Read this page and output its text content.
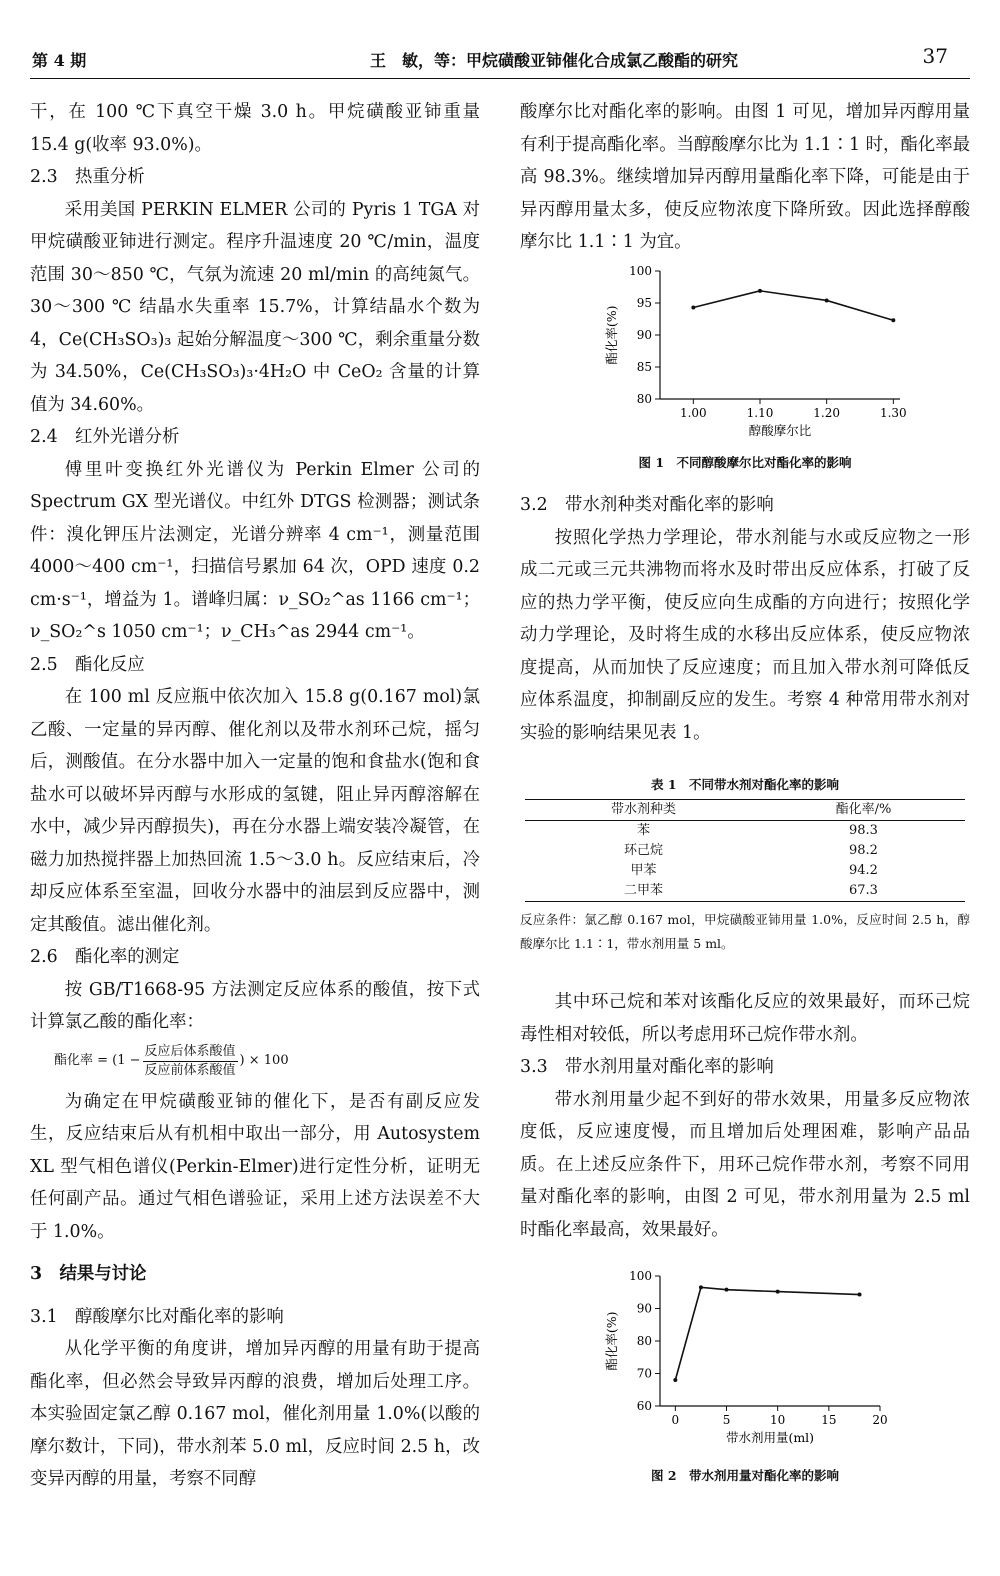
第 4 期	王　敏，等：甲烷磺酸亚铈催化合成氯乙酸酯的研究	37

干，在 100 ℃下真空干燥 3.0 h。甲烷磺酸亚铈重量 15.4 g(收率 93.0%)。

2.3　热重分析

采用美国 PERKIN ELMER 公司的 Pyris 1 TGA 对甲烷磺酸亚铈进行测定。程序升温速度 20 ℃/min，温度范围 30～850 ℃，气氛为流速 20 ml/min 的高纯氮气。30～300 ℃ 结晶水失重率 15.7%，计算结晶水个数为 4，Ce(CH₃SO₃)₃ 起始分解温度～300 ℃，剩余重量分数为 34.50%，Ce(CH₃SO₃)₃·4H₂O 中 CeO₂ 含量的计算值为 34.60%。

2.4　红外光谱分析

傅里叶变换红外光谱仪为 Perkin Elmer 公司的 Spectrum GX 型光谱仪。中红外 DTGS 检测器；测试条件：溴化钾压片法测定，光谱分辨率 4 cm⁻¹，测量范围 4000～400 cm⁻¹，扫描信号累加 64 次，OPD 速度 0.2 cm·s⁻¹，增益为 1。谱峰归属：ν_SO₂^as 1166 cm⁻¹；ν_SO₂^s 1050 cm⁻¹；ν_CH₃^as 2944 cm⁻¹。

2.5　酯化反应

在 100 ml 反应瓶中依次加入 15.8 g(0.167 mol)氯乙酸、一定量的异丙醇、催化剂以及带水剂环己烷，摇匀后，测酸值。在分水器中加入一定量的饱和食盐水(饱和食盐水可以破坏异丙醇与水形成的氢键，阻止异丙醇溶解在水中，减少异丙醇损失)，再在分水器上端安装冷凝管，在磁力加热搅拌器上加热回流 1.5～3.0 h。反应结束后，冷却反应体系至室温，回收分水器中的油层到反应器中，测定其酸值。滤出催化剂。

2.6　酯化率的测定

按 GB/T1668-95 方法测定反应体系的酸值，按下式计算氯乙酸的酯化率：

酯化率 = ($1 - \frac{\text{反应后体系酸值}}{\text{反应前体系酸值}}$ ) × 100

为确定在甲烷磺酸亚铈的催化下，是否有副反应发生，反应结束后从有机相中取出一部分，用 Autosystem XL 型气相色谱仪(Perkin-Elmer)进行定性分析，证明无任何副产品。通过气相色谱验证，采用上述方法误差不大于 1.0%。

3　结果与讨论

3.1　醇酸摩尔比对酯化率的影响

从化学平衡的角度讲，增加异丙醇的用量有助于提高酯化率，但必然会导致异丙醇的浪费，增加后处理工序。本实验固定氯乙醇 0.167 mol，催化剂用量 1.0%(以酸的摩尔数计，下同)，带水剂苯 5.0 ml，反应时间 2.5 h，改变异丙醇的用量，考察不同醇

酸摩尔比对酯化率的影响。由图 1 可见，增加异丙醇用量有利于提高酯化率。当醇酸摩尔比为 1.1∶1 时，酯化率最高 98.3%。继续增加异丙醇用量酯化率下降，可能是由于异丙醇用量太多，使反应物浓度下降所致。因此选择醇酸摩尔比 1.1∶1 为宜。

80
85
90
95
100
1.00	1.10	1.20	1.30
醇酸摩尔比
酯化率(%)
图 1　不同醇酸摩尔比对酯化率的影响

3.2　带水剂种类对酯化率的影响

按照化学热力学理论，带水剂能与水或反应物之一形成二元或三元共沸物而将水及时带出反应体系，打破了反应的热力学平衡，使反应向生成酯的方向进行；按照化学动力学理论，及时将生成的水移出反应体系，使反应物浓度提高，从而加快了反应速度；而且加入带水剂可降低反应体系温度，抑制副反应的发生。考察 4 种常用带水剂对实验的影响结果见表 1。

表 1　不同带水剂对酯化率的影响
带水剂种类	酯化率/%
苯	98.3
环己烷	98.2
甲苯	94.2
二甲苯	67.3
反应条件：氯乙醇 0.167 mol，甲烷磺酸亚铈用量 1.0%，反应时间 2.5 h，醇酸摩尔比 1.1∶1，带水剂用量 5 ml。

其中环己烷和苯对该酯化反应的效果最好，而环己烷毒性相对较低，所以考虑用环己烷作带水剂。

3.3　带水剂用量对酯化率的影响

带水剂用量少起不到好的带水效果，用量多反应物浓度低，反应速度慢，而且增加后处理困难，影响产品品质。在上述反应条件下，用环己烷作带水剂，考察不同用量对酯化率的影响，由图 2 可见，带水剂用量为 2.5 ml 时酯化率最高，效果最好。

60
70
80
90
100
0	5	10	15	20
带水剂用量(ml)
酯化率(%)
图 2　带水剂用量对酯化率的影响
